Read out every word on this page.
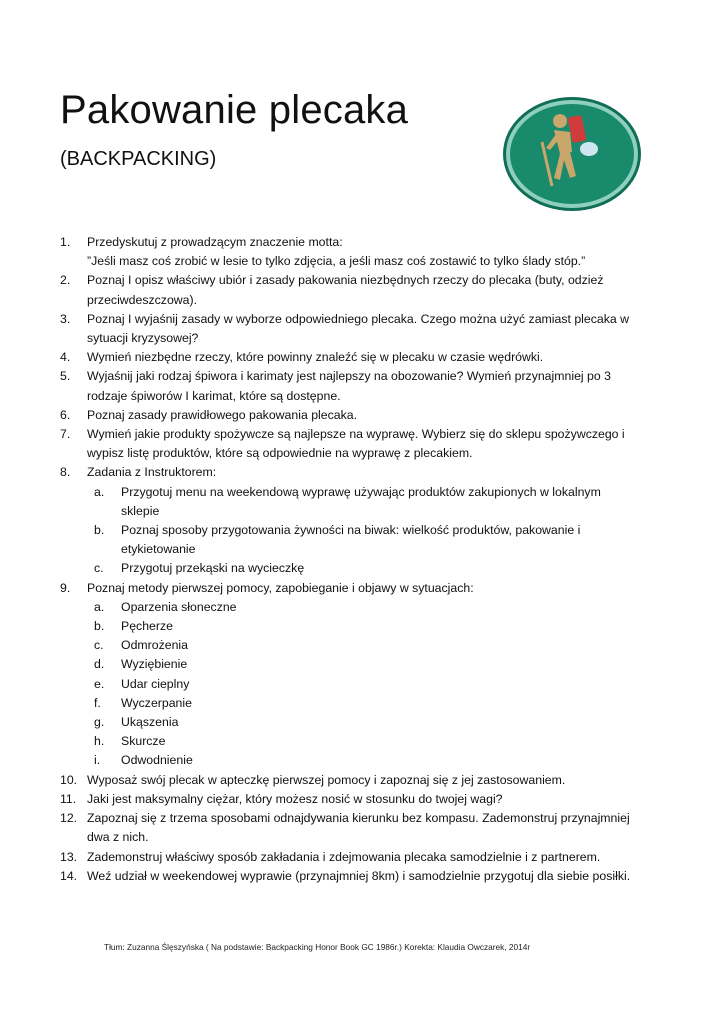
Pakowanie plecaka
(BACKPACKING)
1.	Przedyskutuj z prowadzącym znaczenie motta:
”Jeśli masz coś zrobić w lesie to tylko zdjęcia, a jeśli masz coś zostawić to tylko ślady stóp.”
2.	Poznaj I opisz właściwy ubiór i zasady pakowania niezbędnych rzeczy do plecaka (buty, odzież
przeciwdeszczowa).
3.	Poznaj I wyjaśnij zasady w wyborze odpowiedniego plecaka. Czego można użyć zamiast plecaka w
sytuacji kryzysowej?
4.	Wymień niezbędne rzeczy, które powinny znaleźć się w plecaku w czasie wędrówki.
5.	Wyjaśnij jaki rodzaj śpiwora i karimaty jest najlepszy na obozowanie? Wymień przynajmniej po 3
rodzaje śpiworów I karimat, które są dostępne.
6.	Poznaj zasady prawidłowego pakowania plecaka.
7.	Wymień jakie produkty spożywcze są najlepsze na wyprawę. Wybierz się do sklepu spożywczego i
wypisz listę produktów, które są odpowiednie na wyprawę z plecakiem.
8.	Zadania z Instruktorem:
a. Przygotuj menu na weekendową wyprawę używając produktów zakupionych w lokalnym
sklepie
b. Poznaj sposoby przygotowania żywności na biwak: wielkość produktów, pakowanie i
etykietowanie
c. Przygotuj przekąski na wycieczkę
9.	Poznaj metody pierwszej pomocy, zapobieganie i objawy w sytuacjach:
a. Oparzenia słoneczne
b. Pęcherze
c. Odmrożenia
d. Wyziębienie
e. Udar cieplny
f. Wyczerpanie
g. Ukąszenia
h. Skurcze
i. Odwodnienie
10. Wyposaż swój plecak w apteczkę pierwszej pomocy i zapoznaj się z jej zastosowaniem.
11. Jaki jest maksymalny ciężar, który możesz nosić w stosunku do twojej wagi?
12. Zapoznaj się z trzema sposobami odnajdywania kierunku bez kompasu. Zademonstruj przynajmniej
dwa z nich.
13. Zademonstruj właściwy sposób zakładania i zdejmowania plecaka samodzielnie i z partnerem.
14. Weź udział w weekendowej wyprawie (przynajmniej 8km) i samodzielnie przygotuj dla siebie posiłki.
Tłum: Zuzanna Ślęszyńska ( Na podstawie: Backpacking Honor Book GC 1986r.) Korekta: Klaudia Owczarek, 2014r
